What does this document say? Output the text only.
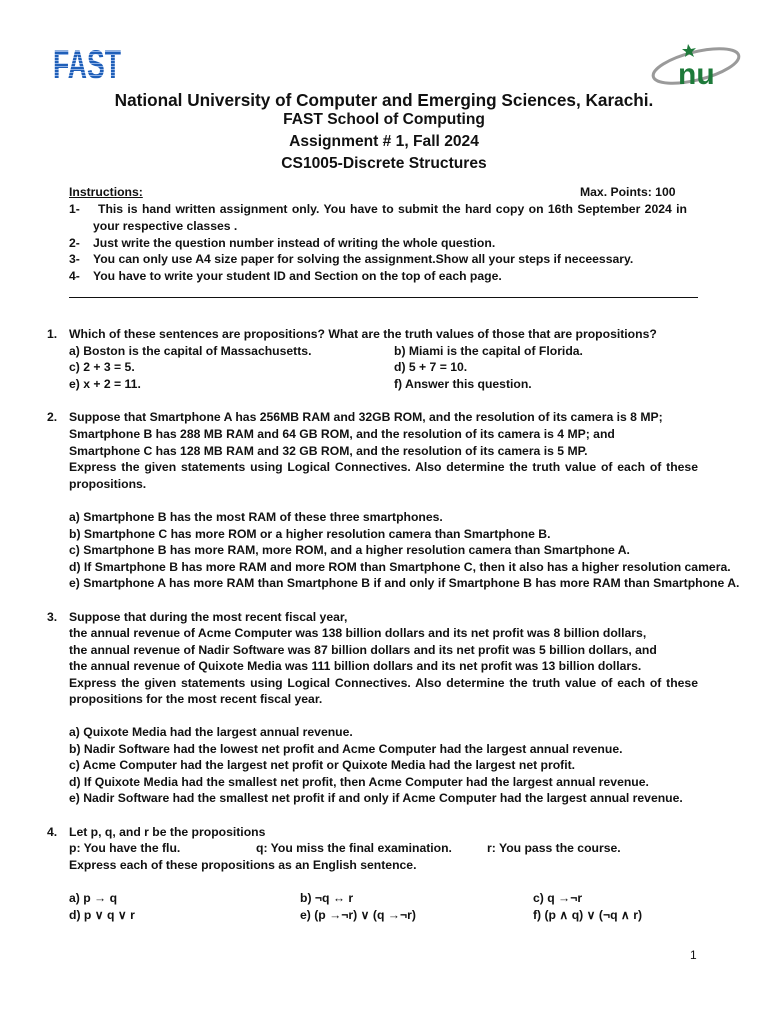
FAST	nu
National University of Computer and Emerging Sciences, Karachi.
FAST School of Computing
Assignment # 1, Fall 2024
CS1005-Discrete Structures
Instructions:	Max. Points: 100
1- This is hand written assignment only. You have to submit the hard copy on 16th September 2024 in
your respective classes .
2- Just write the question number instead of writing the whole question.
3- You can only use A4 size paper for solving the assignment.Show all your steps if neceessary.
4- You have to write your student ID and Section on the top of each page.
1. Which of these sentences are propositions? What are the truth values of those that are propositions?
a) Boston is the capital of Massachusetts.	b) Miami is the capital of Florida.
c) 2 + 3 = 5.	d) 5 + 7 = 10.
e) x + 2 = 11.	f) Answer this question.
2. Suppose that Smartphone A has 256MB RAM and 32GB ROM, and the resolution of its camera is 8 MP;
Smartphone B has 288 MB RAM and 64 GB ROM, and the resolution of its camera is 4 MP; and
Smartphone C has 128 MB RAM and 32 GB ROM, and the resolution of its camera is 5 MP.
Express the given statements using Logical Connectives. Also determine the truth value of each of these
propositions.
a) Smartphone B has the most RAM of these three smartphones.
b) Smartphone C has more ROM or a higher resolution camera than Smartphone B.
c) Smartphone B has more RAM, more ROM, and a higher resolution camera than Smartphone A.
d) If Smartphone B has more RAM and more ROM than Smartphone C, then it also has a higher resolution camera.
e) Smartphone A has more RAM than Smartphone B if and only if Smartphone B has more RAM than Smartphone A.
3. Suppose that during the most recent fiscal year,
the annual revenue of Acme Computer was 138 billion dollars and its net profit was 8 billion dollars,
the annual revenue of Nadir Software was 87 billion dollars and its net profit was 5 billion dollars, and
the annual revenue of Quixote Media was 111 billion dollars and its net profit was 13 billion dollars.
Express the given statements using Logical Connectives. Also determine the truth value of each of these
propositions for the most recent fiscal year.
a) Quixote Media had the largest annual revenue.
b) Nadir Software had the lowest net profit and Acme Computer had the largest annual revenue.
c) Acme Computer had the largest net profit or Quixote Media had the largest net profit.
d) If Quixote Media had the smallest net profit, then Acme Computer had the largest annual revenue.
e) Nadir Software had the smallest net profit if and only if Acme Computer had the largest annual revenue.
4. Let p, q, and r be the propositions
p: You have the flu.	q: You miss the final examination.	r: You pass the course.
Express each of these propositions as an English sentence.
a) p → q	b) ¬q ↔ r	c) q →¬r
d) p ∨ q ∨ r	e) (p →¬r) ∨ (q →¬r)	f) (p ∧ q) ∨ (¬q ∧ r)
1
